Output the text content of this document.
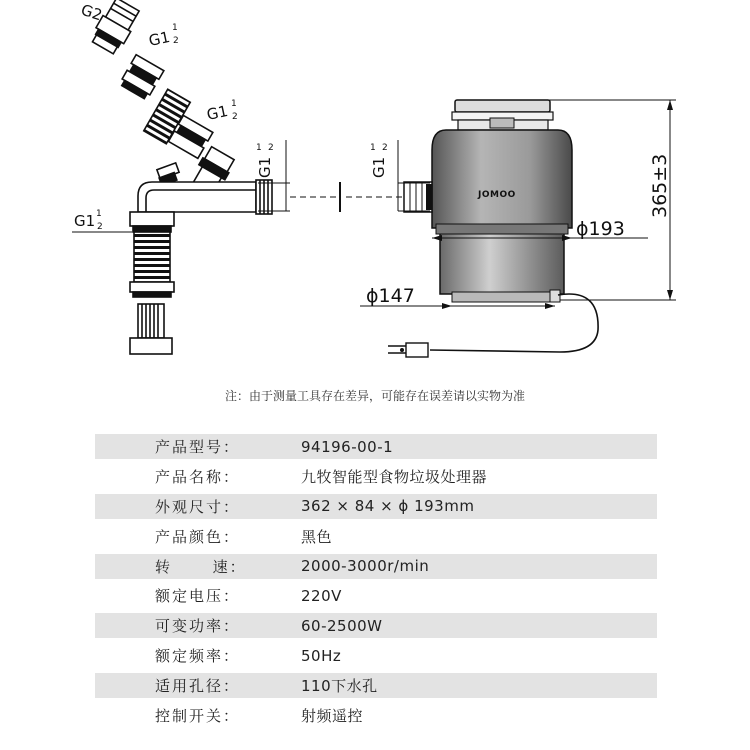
G2
G1 1
2
G1 1
2
G1
1 2
G1 1
2
JOMOO
G1
1 2
365±3
ϕ193
ϕ147
注：由于测量工具存在差异，可能存在误差请以实物为准
产品型号：	94196-00-1
产品名称：	九牧智能型食物垃圾处理器
外观尺寸：	362 × 84 × ϕ 193mm
产品颜色：	黑色
转      速：	2000-3000r/min
额定电压：	220V
可变功率：	60-2500W
额定频率：	50Hz
适用孔径：	110下水孔
控制开关：	射频遥控
